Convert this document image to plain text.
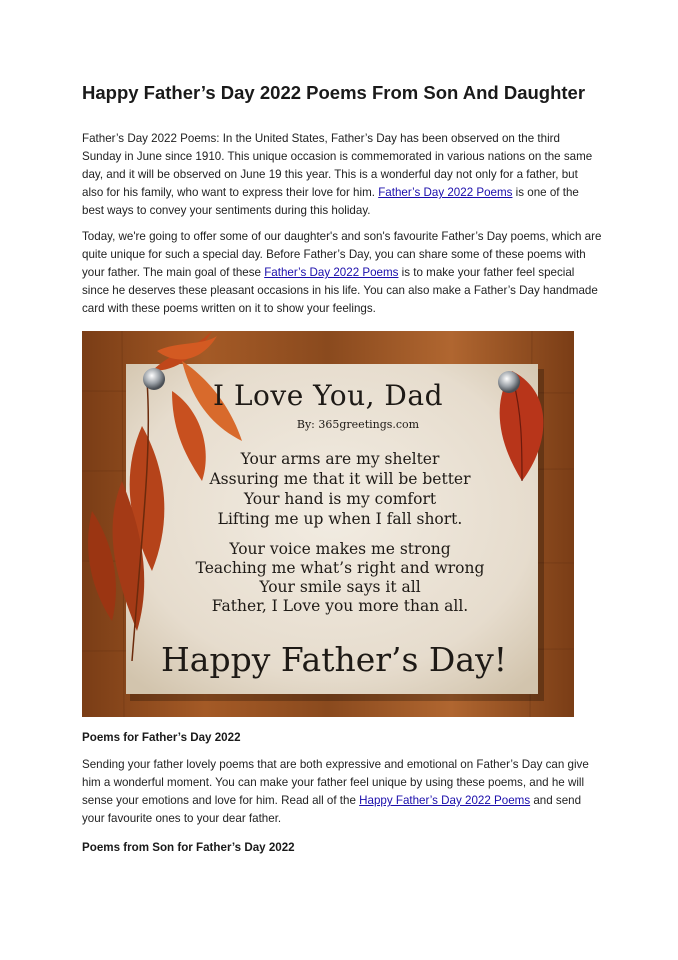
Happy Father’s Day 2022 Poems From Son And Daughter

Father’s Day 2022 Poems: In the United States, Father’s Day has been observed on the third Sunday in June since 1910. This unique occasion is commemorated in various nations on the same day, and it will be observed on June 19 this year. This is a wonderful day not only for a father, but also for his family, who want to express their love for him. Father’s Day 2022 Poems is one of the best ways to convey your sentiments during this holiday.

Today, we're going to offer some of our daughter's and son's favourite Father’s Day poems, which are quite unique for such a special day. Before Father’s Day, you can share some of these poems with your father. The main goal of these Father’s Day 2022 Poems is to make your father feel special since he deserves these pleasant occasions in his life. You can also make a Father’s Day handmade card with these poems written on it to show your feelings.

I Love You, Dad
By: 365greetings.com
Your arms are my shelter
Assuring me that it will be better
Your hand is my comfort
Lifting me up when I fall short.
Your voice makes me strong
Teaching me what’s right and wrong
Your smile says it all
Father, I Love you more than all.
Happy Father’s Day!
Poems for Father’s Day 2022

Sending your father lovely poems that are both expressive and emotional on Father’s Day can give him a wonderful moment. You can make your father feel unique by using these poems, and he will sense your emotions and love for him. Read all of the Happy Father’s Day 2022 Poems and send your favourite ones to your dear father.

Poems from Son for Father’s Day 2022
